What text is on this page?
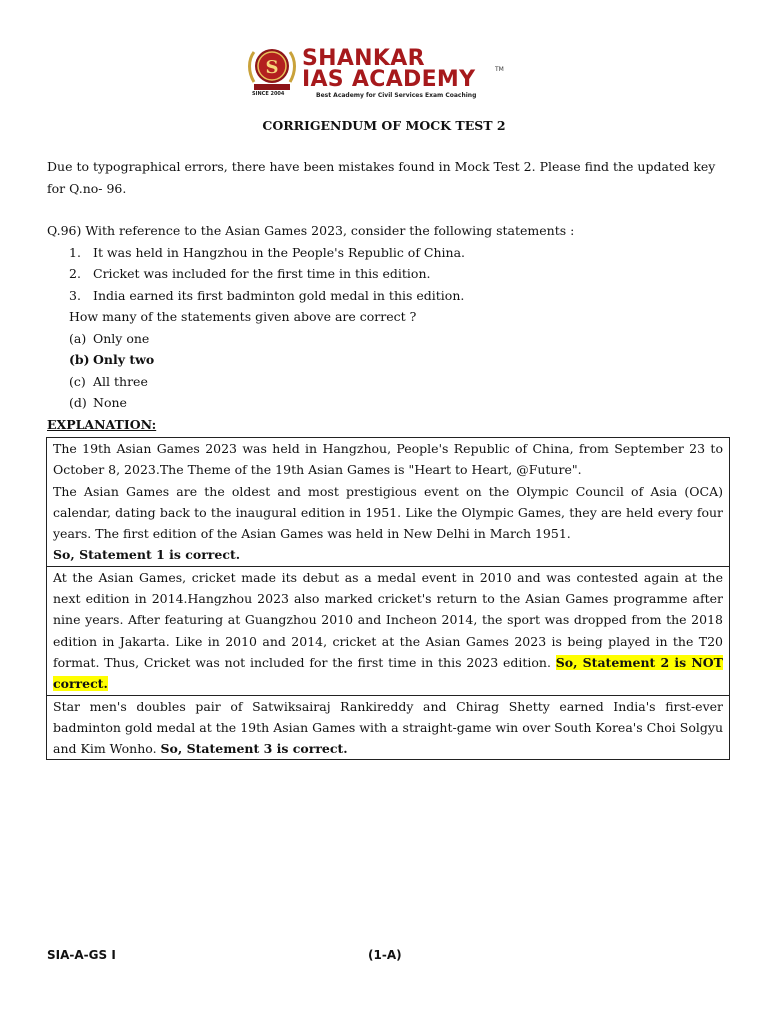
S
SINCE 2004
SHANKAR
IAS ACADEMY	TM
Best Academy for Civil Services Exam Coaching
CORRIGENDUM OF MOCK TEST 2
Due to typographical errors, there have been mistakes found in Mock Test 2. Please find the updated key for Q.no- 96.
Q.96) With reference to the Asian Games 2023, consider the following statements :
1. It was held in Hangzhou in the People's Republic of China.
2. Cricket was included for the first time in this edition.
3. India earned its first badminton gold medal in this edition.
How many of the statements given above are correct ?
(a) Only one
(b) Only two
(c) All three
(d) None
EXPLANATION:
The 19th Asian Games 2023 was held in Hangzhou, People's Republic of China, from September 23 to October 8, 2023.The Theme of the 19th Asian Games is "Heart to Heart, @Future".
The Asian Games are the oldest and most prestigious event on the Olympic Council of Asia (OCA) calendar, dating back to the inaugural edition in 1951. Like the Olympic Games, they are held every four years. The first edition of the Asian Games was held in New Delhi in March 1951.
So, Statement 1 is correct.
At the Asian Games, cricket made its debut as a medal event in 2010 and was contested again at the next edition in 2014.Hangzhou 2023 also marked cricket's return to the Asian Games programme after nine years. After featuring at Guangzhou 2010 and Incheon 2014, the sport was dropped from the 2018 edition in Jakarta. Like in 2010 and 2014, cricket at the Asian Games 2023 is being played in the T20 format. Thus, Cricket was not included for the first time in this 2023 edition. So, Statement 2 is NOT correct.
Star men's doubles pair of Satwiksairaj Rankireddy and Chirag Shetty earned India's first-ever badminton gold medal at the 19th Asian Games with a straight-game win over South Korea's Choi Solgyu and Kim Wonho. So, Statement 3 is correct.
SIA-A-GS I	(1-A)
